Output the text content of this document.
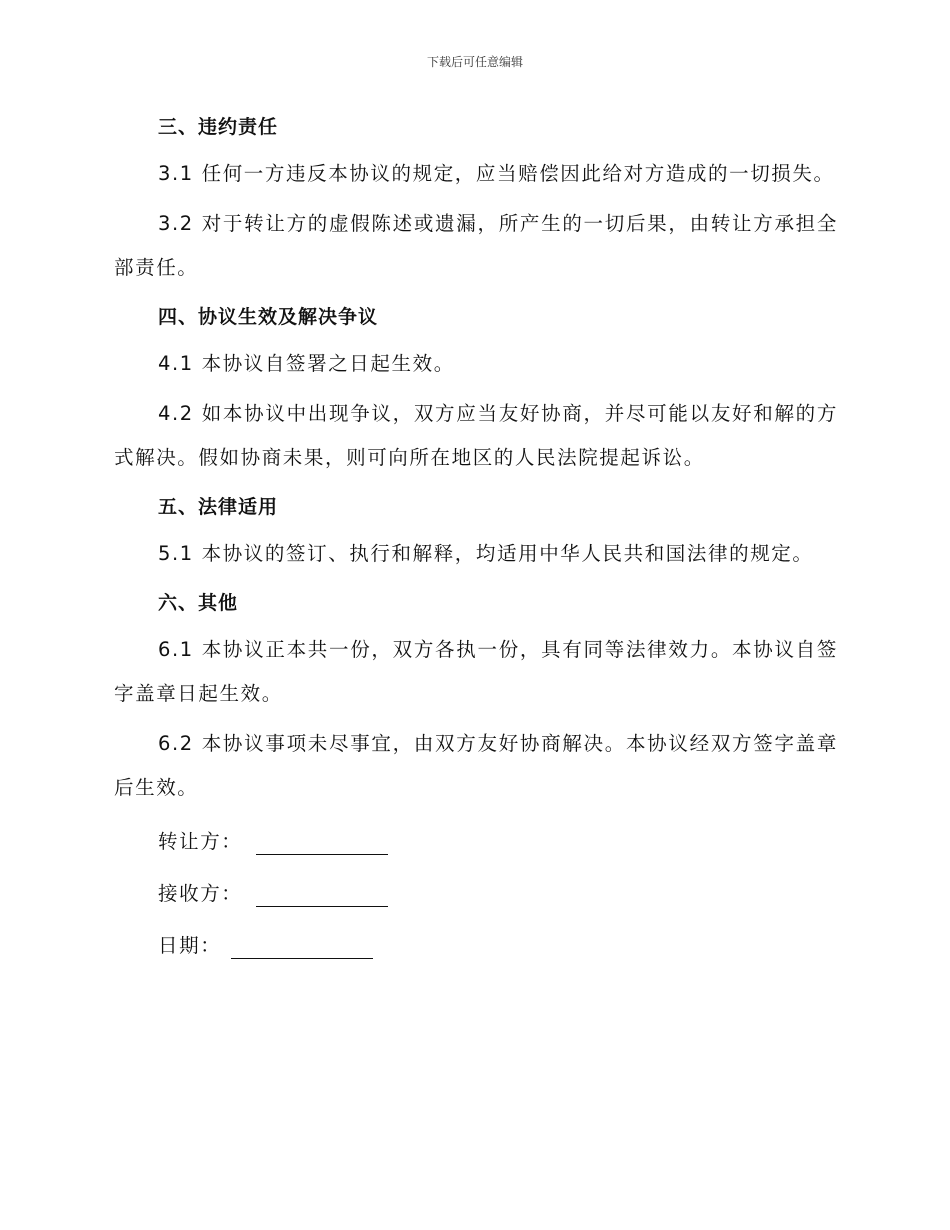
下载后可任意编辑
三、违约责任

3.1 任何一方违反本协议的规定，应当赔偿因此给对方造成的一切损失。

3.2 对于转让方的虚假陈述或遗漏，所产生的一切后果，由转让方承担全部责任。

四、协议生效及解决争议

4.1 本协议自签署之日起生效。

4.2 如本协议中出现争议，双方应当友好协商，并尽可能以友好和解的方式解决。假如协商未果，则可向所在地区的人民法院提起诉讼。

五、法律适用

5.1 本协议的签订、执行和解释，均适用中华人民共和国法律的规定。

六、其他

6.1 本协议正本共一份，双方各执一份，具有同等法律效力。本协议自签字盖章日起生效。

6.2 本协议事项未尽事宜，由双方友好协商解决。本协议经双方签字盖章后生效。

转让方：
接收方：
日期：
